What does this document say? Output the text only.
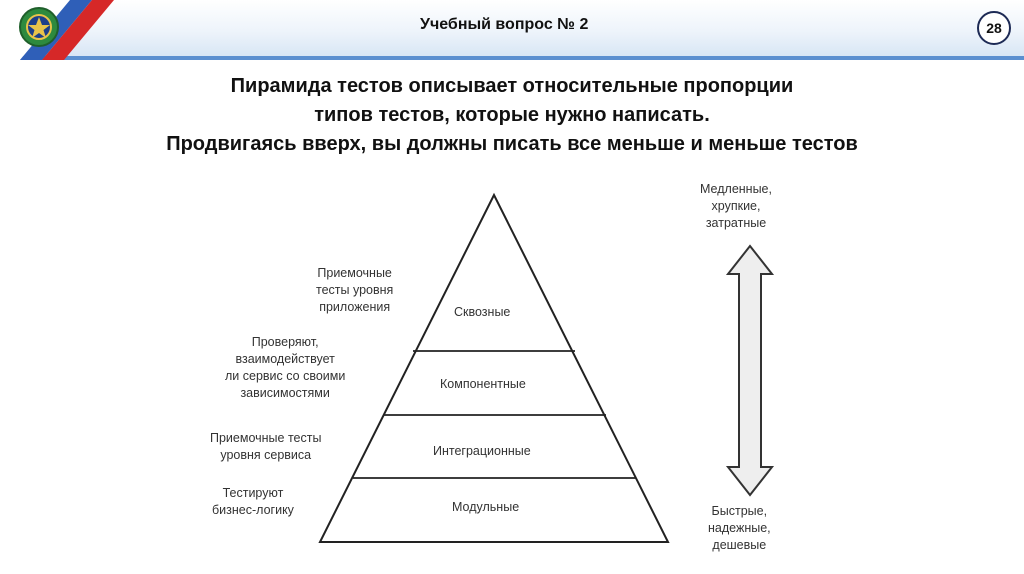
Учебный вопрос № 2	28
Пирамида тестов описывает относительные пропорции
типов тестов, которые нужно написать.
Продвигаясь вверх, вы должны писать все меньше и меньше тестов
Сквозные
Компонентные
Интеграционные
Модульные
Приемочные
тесты уровня
приложения
Проверяют,
взаимодействует
ли сервис со своими
зависимостями
Приемочные тесты
уровня сервиса
Тестируют
бизнес-логику
Медленные,
хрупкие,
затратные
Быстрые,
надежные,
дешевые
